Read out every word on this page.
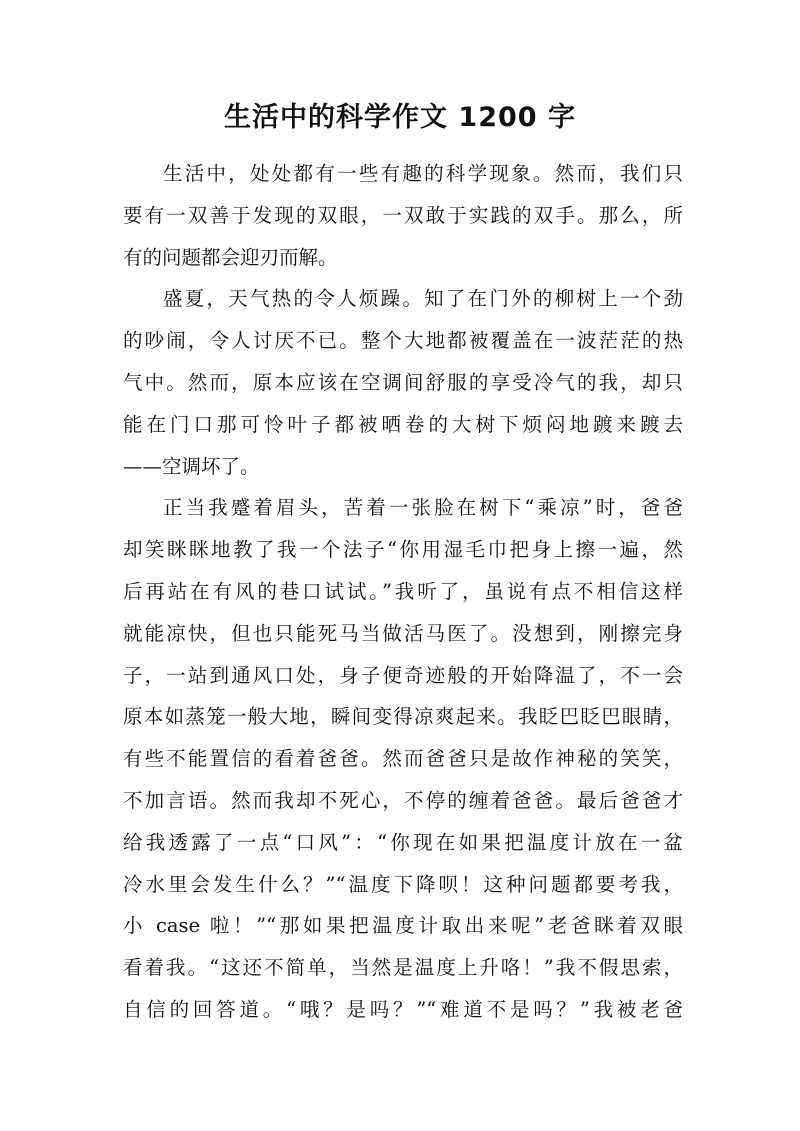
生活中的科学作文 1200 字
生活中，处处都有一些有趣的科学现象。然而，我们只
要有一双善于发现的双眼，一双敢于实践的双手。那么，所
有的问题都会迎刃而解。
盛夏，天气热的令人烦躁。知了在门外的柳树上一个劲
的吵闹，令人讨厌不已。整个大地都被覆盖在一波茫茫的热
气中。然而，原本应该在空调间舒服的享受冷气的我，却只
能在门口那可怜叶子都被晒卷的大树下烦闷地踱来踱去
——空调坏了。
正当我蹙着眉头，苦着一张脸在树下“乘凉”时，爸爸
却笑眯眯地教了我一个法子“你用湿毛巾把身上擦一遍，然
后再站在有风的巷口试试。”我听了，虽说有点不相信这样
就能凉快，但也只能死马当做活马医了。没想到，刚擦完身
子，一站到通风口处，身子便奇迹般的开始降温了，不一会
原本如蒸笼一般大地，瞬间变得凉爽起来。我眨巴眨巴眼睛，
有些不能置信的看着爸爸。然而爸爸只是故作神秘的笑笑，
不加言语。然而我却不死心，不停的缠着爸爸。最后爸爸才
给我透露了一点“口风”：“你现在如果把温度计放在一盆
冷水里会发生什么？”“温度下降呗！这种问题都要考我，
小 case 啦！”“那如果把温度计取出来呢”老爸眯着双眼
看着我。“这还不简单，当然是温度上升咯！”我不假思索，
自信的回答道。“哦？是吗？”“难道不是吗？”我被老爸
